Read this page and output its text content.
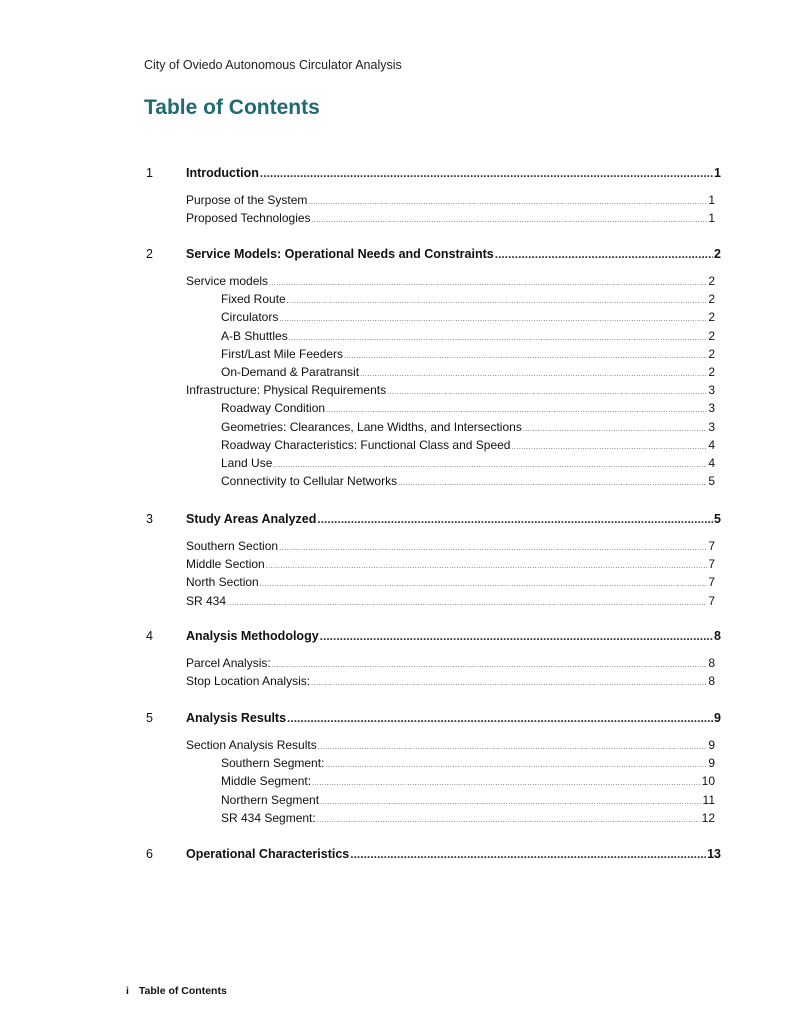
City of Oviedo Autonomous Circulator Analysis
Table of Contents
1	Introduction .....	1
Purpose of the System .....	1
Proposed Technologies .....	1
2	Service Models: Operational Needs and Constraints .....	2
Service models .....	2
Fixed Route .....	2
Circulators .....	2
A-B Shuttles .....	2
First/Last Mile Feeders .....	2
On-Demand & Paratransit .....	2
Infrastructure: Physical Requirements .....	3
Roadway Condition .....	3
Geometries: Clearances, Lane Widths, and Intersections .....	3
Roadway Characteristics: Functional Class and Speed .....	4
Land Use .....	4
Connectivity to Cellular Networks .....	5
3	Study Areas Analyzed .....	5
Southern Section .....	7
Middle Section .....	7
North Section .....	7
SR 434 .....	7
4	Analysis Methodology .....	8
Parcel Analysis: .....	8
Stop Location Analysis: .....	8
5	Analysis Results .....	9
Section Analysis Results .....	9
Southern Segment: .....	9
Middle Segment: .....	10
Northern Segment .....	11
SR 434 Segment: .....	12
6	Operational Characteristics .....	13
i Table of Contents
